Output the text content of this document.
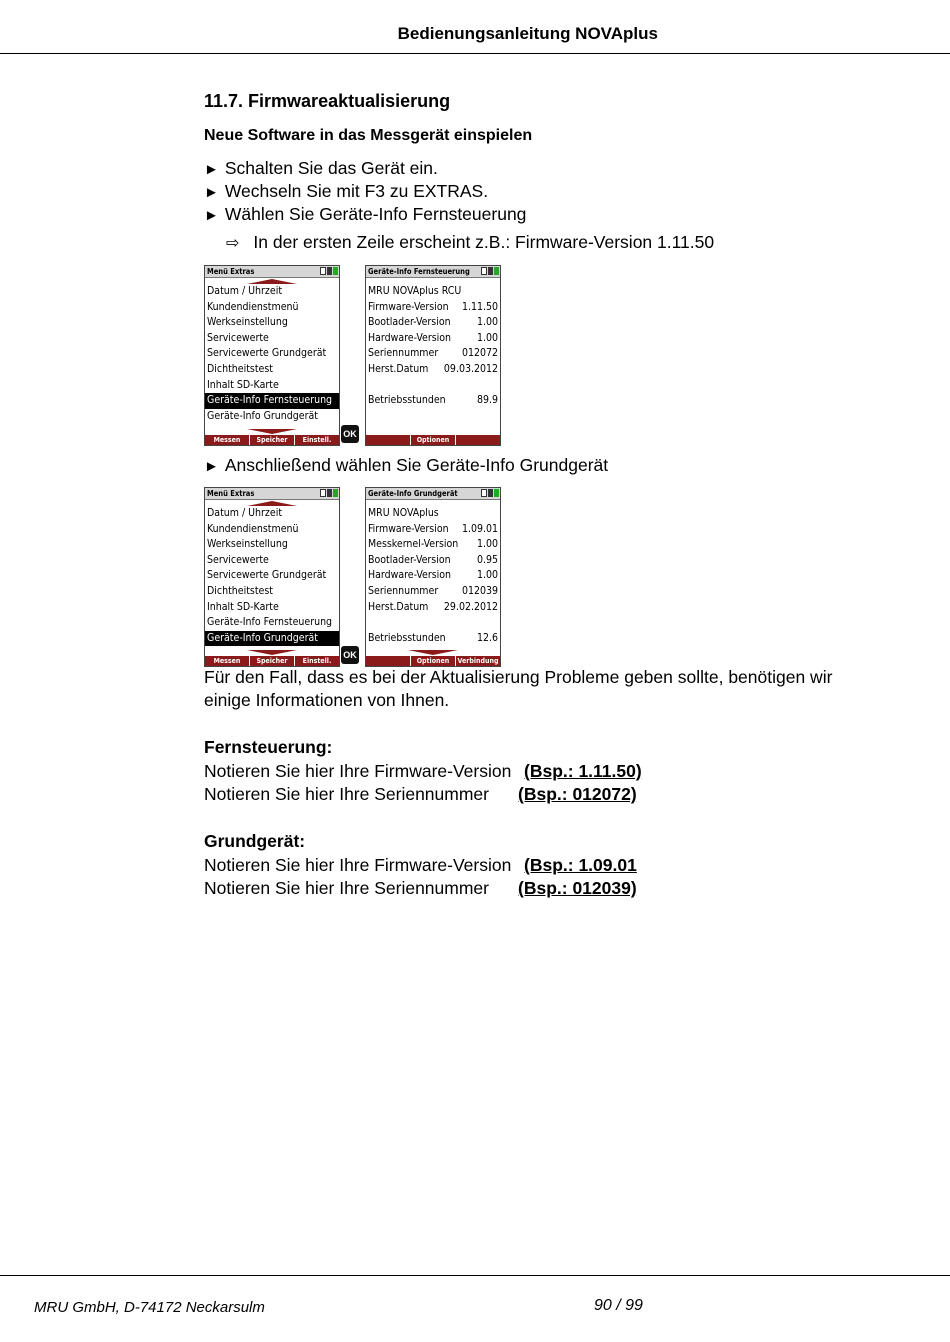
Bedienungsanleitung NOVAplus
11.7. Firmwareaktualisierung
Neue Software in das Messgerät einspielen
► Schalten Sie das Gerät ein.
► Wechseln Sie mit F3 zu EXTRAS.
► Wählen Sie Geräte-Info Fernsteuerung
⇨ In der ersten Zeile erscheint z.B.: Firmware-Version 1.11.50
Menü Extras
Datum / Uhrzeit
Kundendienstmenü
Werkseinstellung
Servicewerte
Servicewerte Grundgerät
Dichtheitstest
Inhalt SD-Karte
Geräte-Info Fernsteuerung
Geräte-Info Grundgerät
Messen	Speicher	Einstell.
OK
Geräte-Info Fernsteuerung
MRU NOVAplus RCU
Firmware-Version 1.11.50
Bootlader-Version	1.00
Hardware-Version 1.00
Seriennummer 012072
Herst.Datum 09.03.2012
Betriebsstunden	89.9
Optionen
► Anschließend wählen Sie Geräte-Info Grundgerät
Menü Extras
Datum / Uhrzeit
Kundendienstmenü
Werkseinstellung
Servicewerte
Servicewerte Grundgerät
Dichtheitstest
Inhalt SD-Karte
Geräte-Info Fernsteuerung
Geräte-Info Grundgerät
Messen	Speicher	Einstell.
OK
Geräte-Info Grundgerät
MRU NOVAplus
Firmware-Version 1.09.01
Messkernel-Version 1.00
Bootlader-Version	0.95
Hardware-Version 1.00
Seriennummer 012039
Herst.Datum 29.02.2012
Betriebsstunden	12.6
Optionen	Verbindung
Für den Fall, dass es bei der Aktualisierung Probleme geben sollte, benötigen wir einige Informationen von Ihnen.
Fernsteuerung:
Notieren Sie hier Ihre Firmware-Version (Bsp.: 1.11.50)
Notieren Sie hier Ihre Seriennummer (Bsp.: 012072)
Grundgerät:
Notieren Sie hier Ihre Firmware-Version (Bsp.: 1.09.01
Notieren Sie hier Ihre Seriennummer (Bsp.: 012039)
MRU GmbH, D-74172 Neckarsulm	90 / 99
